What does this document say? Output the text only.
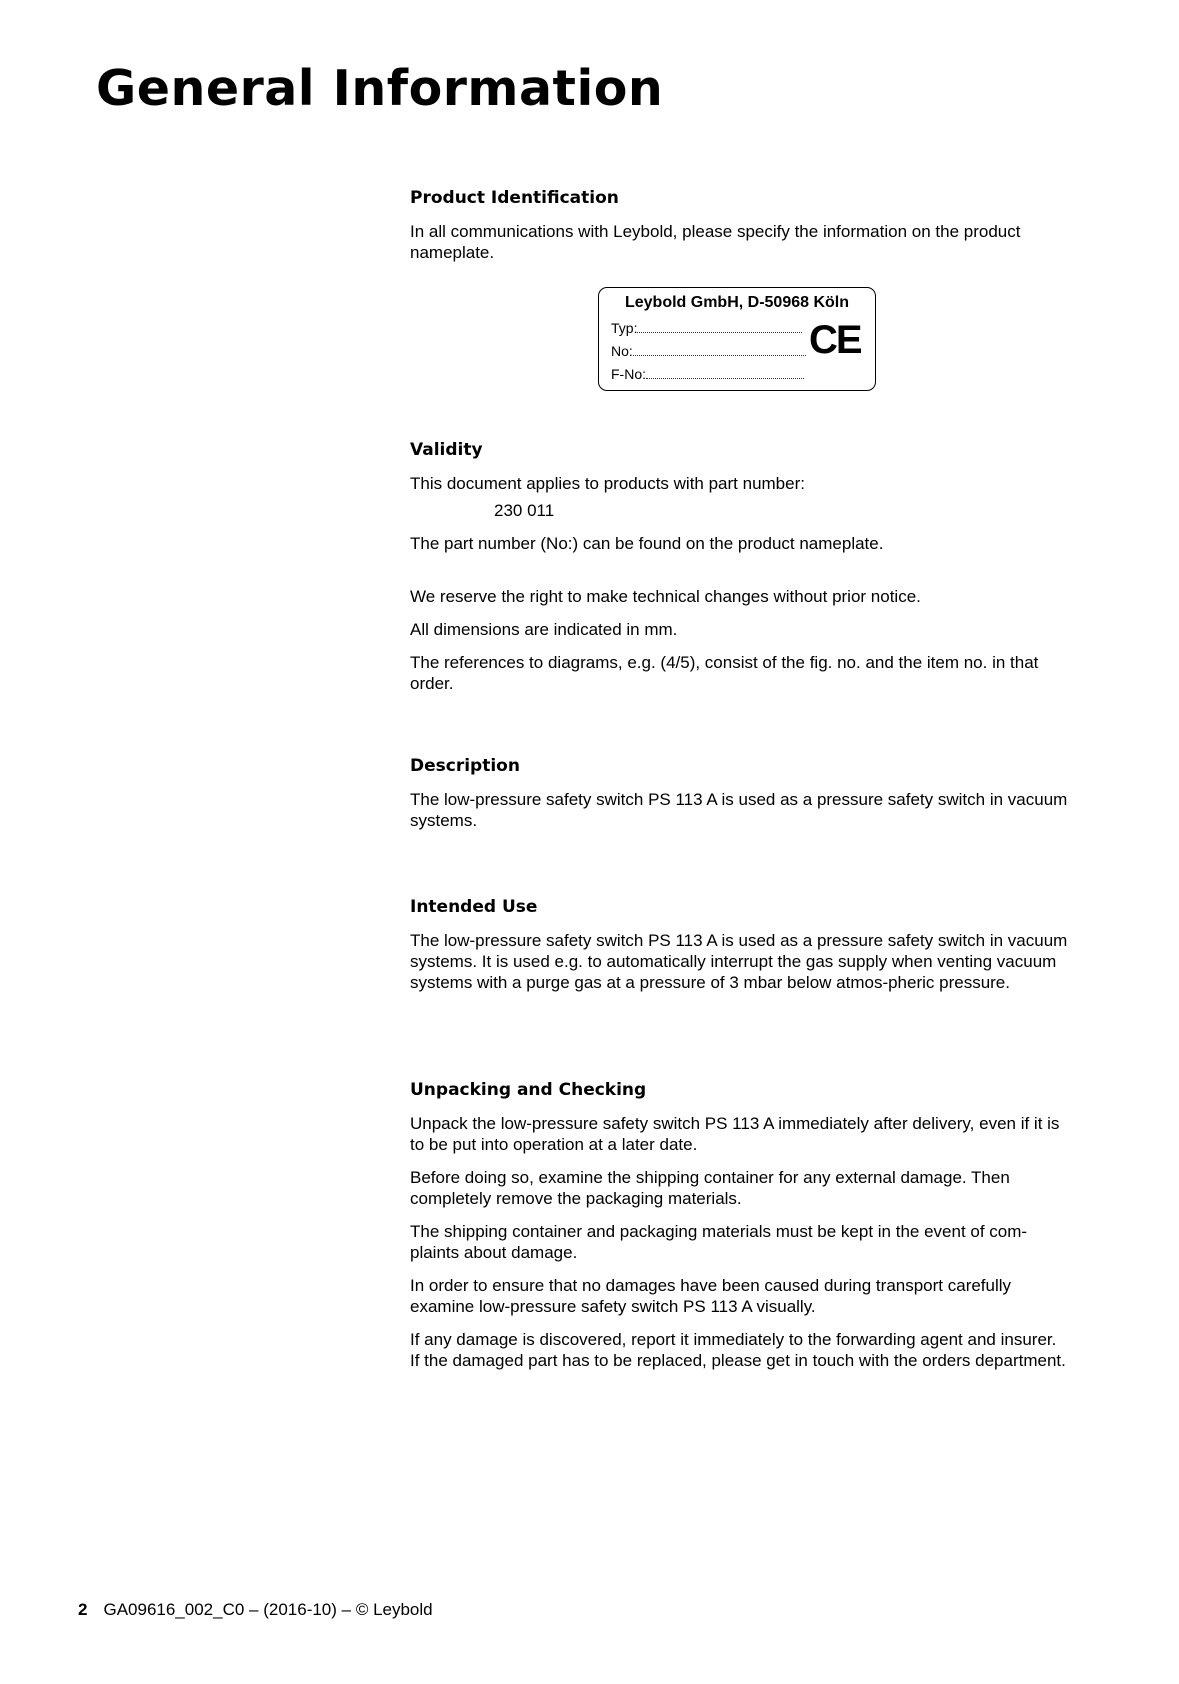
General Information
Product Identification

In all communications with Leybold, please specify the information on the product nameplate.

Leybold GmbH, D-50968 Köln
Typ:
No:
F-No:
CE
Validity

This document applies to products with part number:

230 011

The part number (No:) can be found on the product nameplate.

We reserve the right to make technical changes without prior notice.

All dimensions are indicated in mm.

The references to diagrams, e.g. (4/5), consist of the fig. no. and the item no. in that order.

Description

The low-pressure safety switch PS 113 A is used as a pressure safety switch in vacuum systems.

Intended Use

The low-pressure safety switch PS 113 A is used as a pressure safety switch in vacuum systems. It is used e.g. to automatically interrupt the gas supply when venting vacuum systems with a purge gas at a pressure of 3 mbar below atmos-pheric pressure.

Unpacking and Checking

Unpack the low-pressure safety switch PS 113 A immediately after delivery, even if it is to be put into operation at a later date.

Before doing so, examine the shipping container for any external damage. Then completely remove the packaging materials.

The shipping container and packaging materials must be kept in the event of com-plaints about damage.

In order to ensure that no damages have been caused during transport carefully examine low-pressure safety switch PS 113 A visually.

If any damage is discovered, report it immediately to the forwarding agent and insurer. If the damaged part has to be replaced, please get in touch with the orders department.

2 GA09616_002_C0 – (2016-10) – © Leybold
